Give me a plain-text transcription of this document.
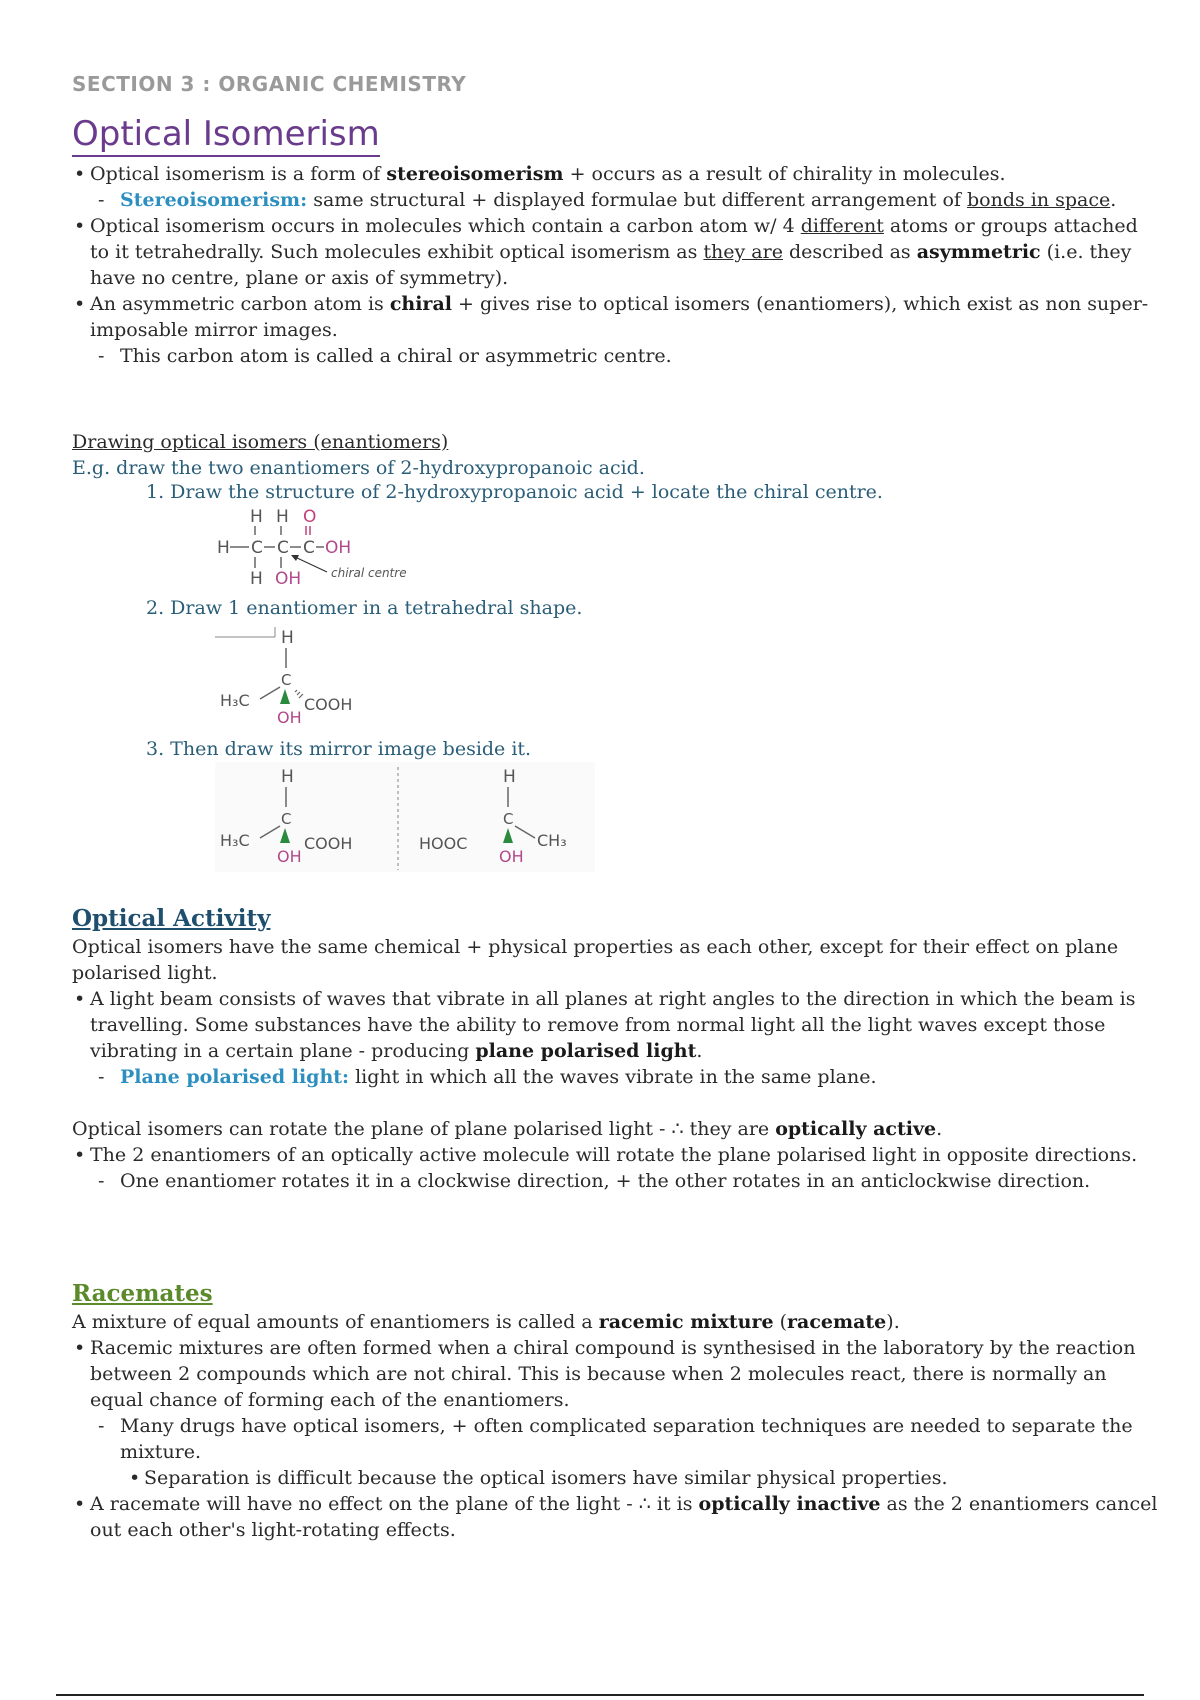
SECTION 3 : ORGANIC CHEMISTRY
Optical Isomerism
• Optical isomerism is a form of stereoisomerism + occurs as a result of chirality in molecules.
- Stereoisomerism: same structural + displayed formulae but different arrangement of bonds in space.
• Optical isomerism occurs in molecules which contain a carbon atom w/ 4 different atoms or groups attached to it tetrahedrally. Such molecules exhibit optical isomerism as they are described as asymmetric (i.e. they have no centre, plane or axis of symmetry).
• An asymmetric carbon atom is chiral + gives rise to optical isomers (enantiomers), which exist as non super-imposable mirror images.
- This carbon atom is called a chiral or asymmetric centre.
Drawing optical isomers (enantiomers)
E.g. draw the two enantiomers of 2-hydroxypropanoic acid.
1. Draw the structure of 2-hydroxypropanoic acid + locate the chiral centre.
2. Draw 1 enantiomer in a tetrahedral shape.
3. Then draw its mirror image beside it.
H H
H
H C C C
O
OH
OH chiral centre
H
C
H₃C	COOH
OH
H
C
H₃C	COOH
OH
H
C
HOOC	CH₃
OH
Optical Activity
Optical isomers have the same chemical + physical properties as each other, except for their effect on plane polarised light.
• A light beam consists of waves that vibrate in all planes at right angles to the direction in which the beam is travelling. Some substances have the ability to remove from normal light all the light waves except those vibrating in a certain plane - producing plane polarised light.
- Plane polarised light: light in which all the waves vibrate in the same plane.
Optical isomers can rotate the plane of plane polarised light - ∴ they are optically active.
• The 2 enantiomers of an optically active molecule will rotate the plane polarised light in opposite directions.
- One enantiomer rotates it in a clockwise direction, + the other rotates in an anticlockwise direction.
Racemates
A mixture of equal amounts of enantiomers is called a racemic mixture (racemate).
• Racemic mixtures are often formed when a chiral compound is synthesised in the laboratory by the reaction between 2 compounds which are not chiral. This is because when 2 molecules react, there is normally an equal chance of forming each of the enantiomers.
- Many drugs have optical isomers, + often complicated separation techniques are needed to separate the mixture.
• Separation is difficult because the optical isomers have similar physical properties.
• A racemate will have no effect on the plane of the light - ∴ it is optically inactive as the 2 enantiomers cancel out each other's light-rotating effects.
